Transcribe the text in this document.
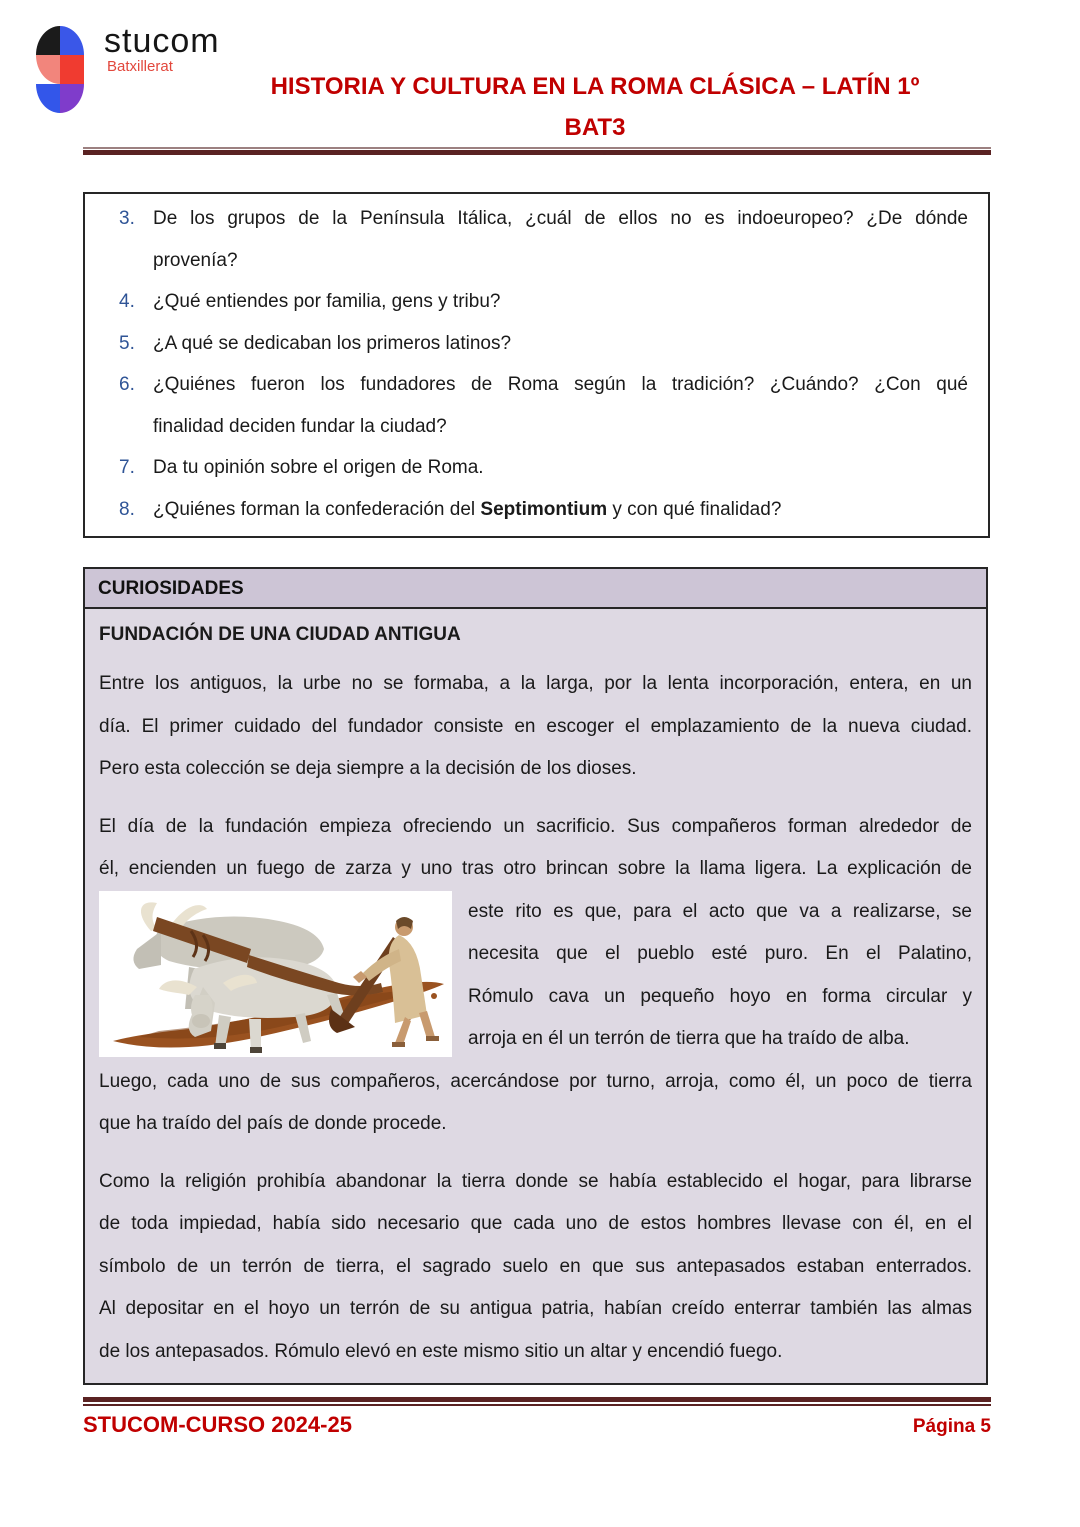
stucom
Batxillerat
HISTORIA Y CULTURA EN LA ROMA CLÁSICA – LATÍN 1º
BAT3
3. De los grupos de la Península Itálica, ¿cuál de ellos no es indoeuropeo? ¿De dónde
provenía?
4. ¿Qué entiendes por familia, gens y tribu?
5. ¿A qué se dedicaban los primeros latinos?
6. ¿Quiénes fueron los fundadores de Roma según la tradición? ¿Cuándo? ¿Con qué
finalidad deciden fundar la ciudad?
7. Da tu opinión sobre el origen de Roma.
8. ¿Quiénes forman la confederación del Septimontium y con qué finalidad?
CURIOSIDADES
FUNDACIÓN DE UNA CIUDAD ANTIGUA
Entre los antiguos, la urbe no se formaba, a la larga, por la lenta incorporación, entera, en un
día. El primer cuidado del fundador consiste en escoger el emplazamiento de la nueva ciudad.
Pero esta colección se deja siempre a la decisión de los dioses.
El día de la fundación empieza ofreciendo un sacrificio. Sus compañeros forman alrededor de
él, encienden un fuego de zarza y uno tras otro brincan sobre la llama ligera. La explicación de
este rito es que, para el acto que va a realizarse, se
necesita que el pueblo esté puro. En el Palatino,
Rómulo cava un pequeño hoyo en forma circular y
arroja en él un terrón de tierra que ha traído de alba.
Luego, cada uno de sus compañeros, acercándose por turno, arroja, como él, un poco de tierra
que ha traído del país de donde procede.
Como la religión prohibía abandonar la tierra donde se había establecido el hogar, para librarse
de toda impiedad, había sido necesario que cada uno de estos hombres llevase con él, en el
símbolo de un terrón de tierra, el sagrado suelo en que sus antepasados estaban enterrados.
Al depositar en el hoyo un terrón de su antigua patria, habían creído enterrar también las almas
de los antepasados. Rómulo elevó en este mismo sitio un altar y encendió fuego.
STUCOM-CURSO 2024-25	Página 5
